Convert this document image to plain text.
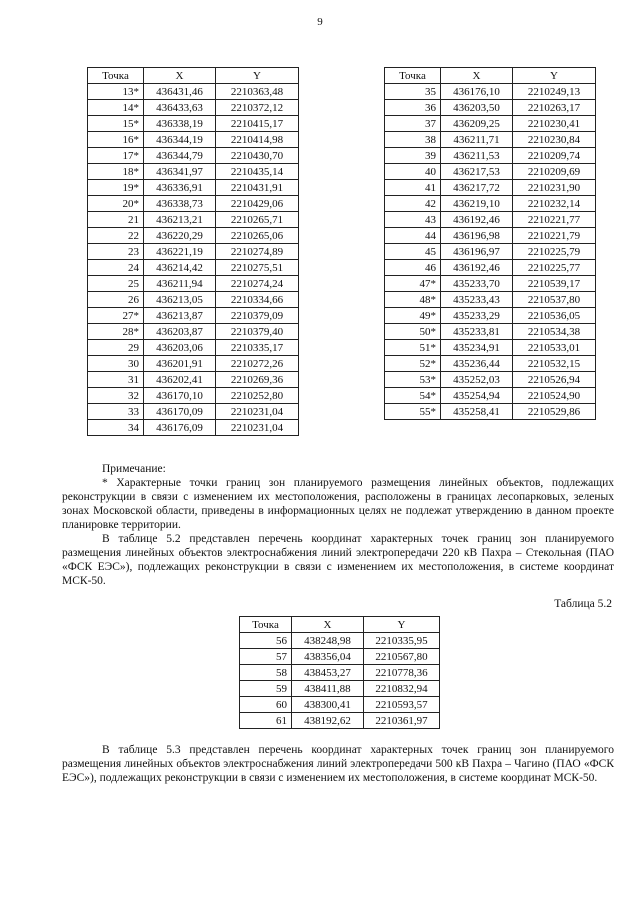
9
Точка	X	Y
13*	436431,46	2210363,48
14*	436433,63	2210372,12
15*	436338,19	2210415,17
16*	436344,19	2210414,98
17*	436344,79	2210430,70
18*	436341,97	2210435,14
19*	436336,91	2210431,91
20*	436338,73	2210429,06
21	436213,21	2210265,71
22	436220,29	2210265,06
23	436221,19	2210274,89
24	436214,42	2210275,51
25	436211,94	2210274,24
26	436213,05	2210334,66
27*	436213,87	2210379,09
28*	436203,87	2210379,40
29	436203,06	2210335,17
30	436201,91	2210272,26
31	436202,41	2210269,36
32	436170,10	2210252,80
33	436170,09	2210231,04
34	436176,09	2210231,04
Точка	X	Y
35	436176,10	2210249,13
36	436203,50	2210263,17
37	436209,25	2210230,41
38	436211,71	2210230,84
39	436211,53	2210209,74
40	436217,53	2210209,69
41	436217,72	2210231,90
42	436219,10	2210232,14
43	436192,46	2210221,77
44	436196,98	2210221,79
45	436196,97	2210225,79
46	436192,46	2210225,77
47*	435233,70	2210539,17
48*	435233,43	2210537,80
49*	435233,29	2210536,05
50*	435233,81	2210534,38
51*	435234,91	2210533,01
52*	435236,44	2210532,15
53*	435252,03	2210526,94
54*	435254,94	2210524,90
55*	435258,41	2210529,86

Примечание:

* Характерные точки границ зон планируемого размещения линейных объектов, подлежащих реконструкции в связи с изменением их местоположения, расположены в границах лесопарковых, зеленых зонах Московской области, приведены в информационных целях не подлежат утверждению в данном проекте планировке территории.

В таблице 5.2 представлен перечень координат характерных точек границ зон планируемого размещения линейных объектов электроснабжения линий электропередачи 220 кВ Пахра – Стекольная (ПАО «ФСК ЕЭС»), подлежащих реконструкции в связи с изменением их местоположения, в системе координат МСК-50.

Таблица 5.2
Точка	X	Y
56	438248,98	2210335,95
57	438356,04	2210567,80
58	438453,27	2210778,36
59	438411,88	2210832,94
60	438300,41	2210593,57
61	438192,62	2210361,97

В таблице 5.3 представлен перечень координат характерных точек границ зон планируемого размещения линейных объектов электроснабжения линий электропередачи 500 кВ Пахра – Чагино (ПАО «ФСК ЕЭС»), подлежащих реконструкции в связи с изменением их местоположения, в системе координат МСК-50.
